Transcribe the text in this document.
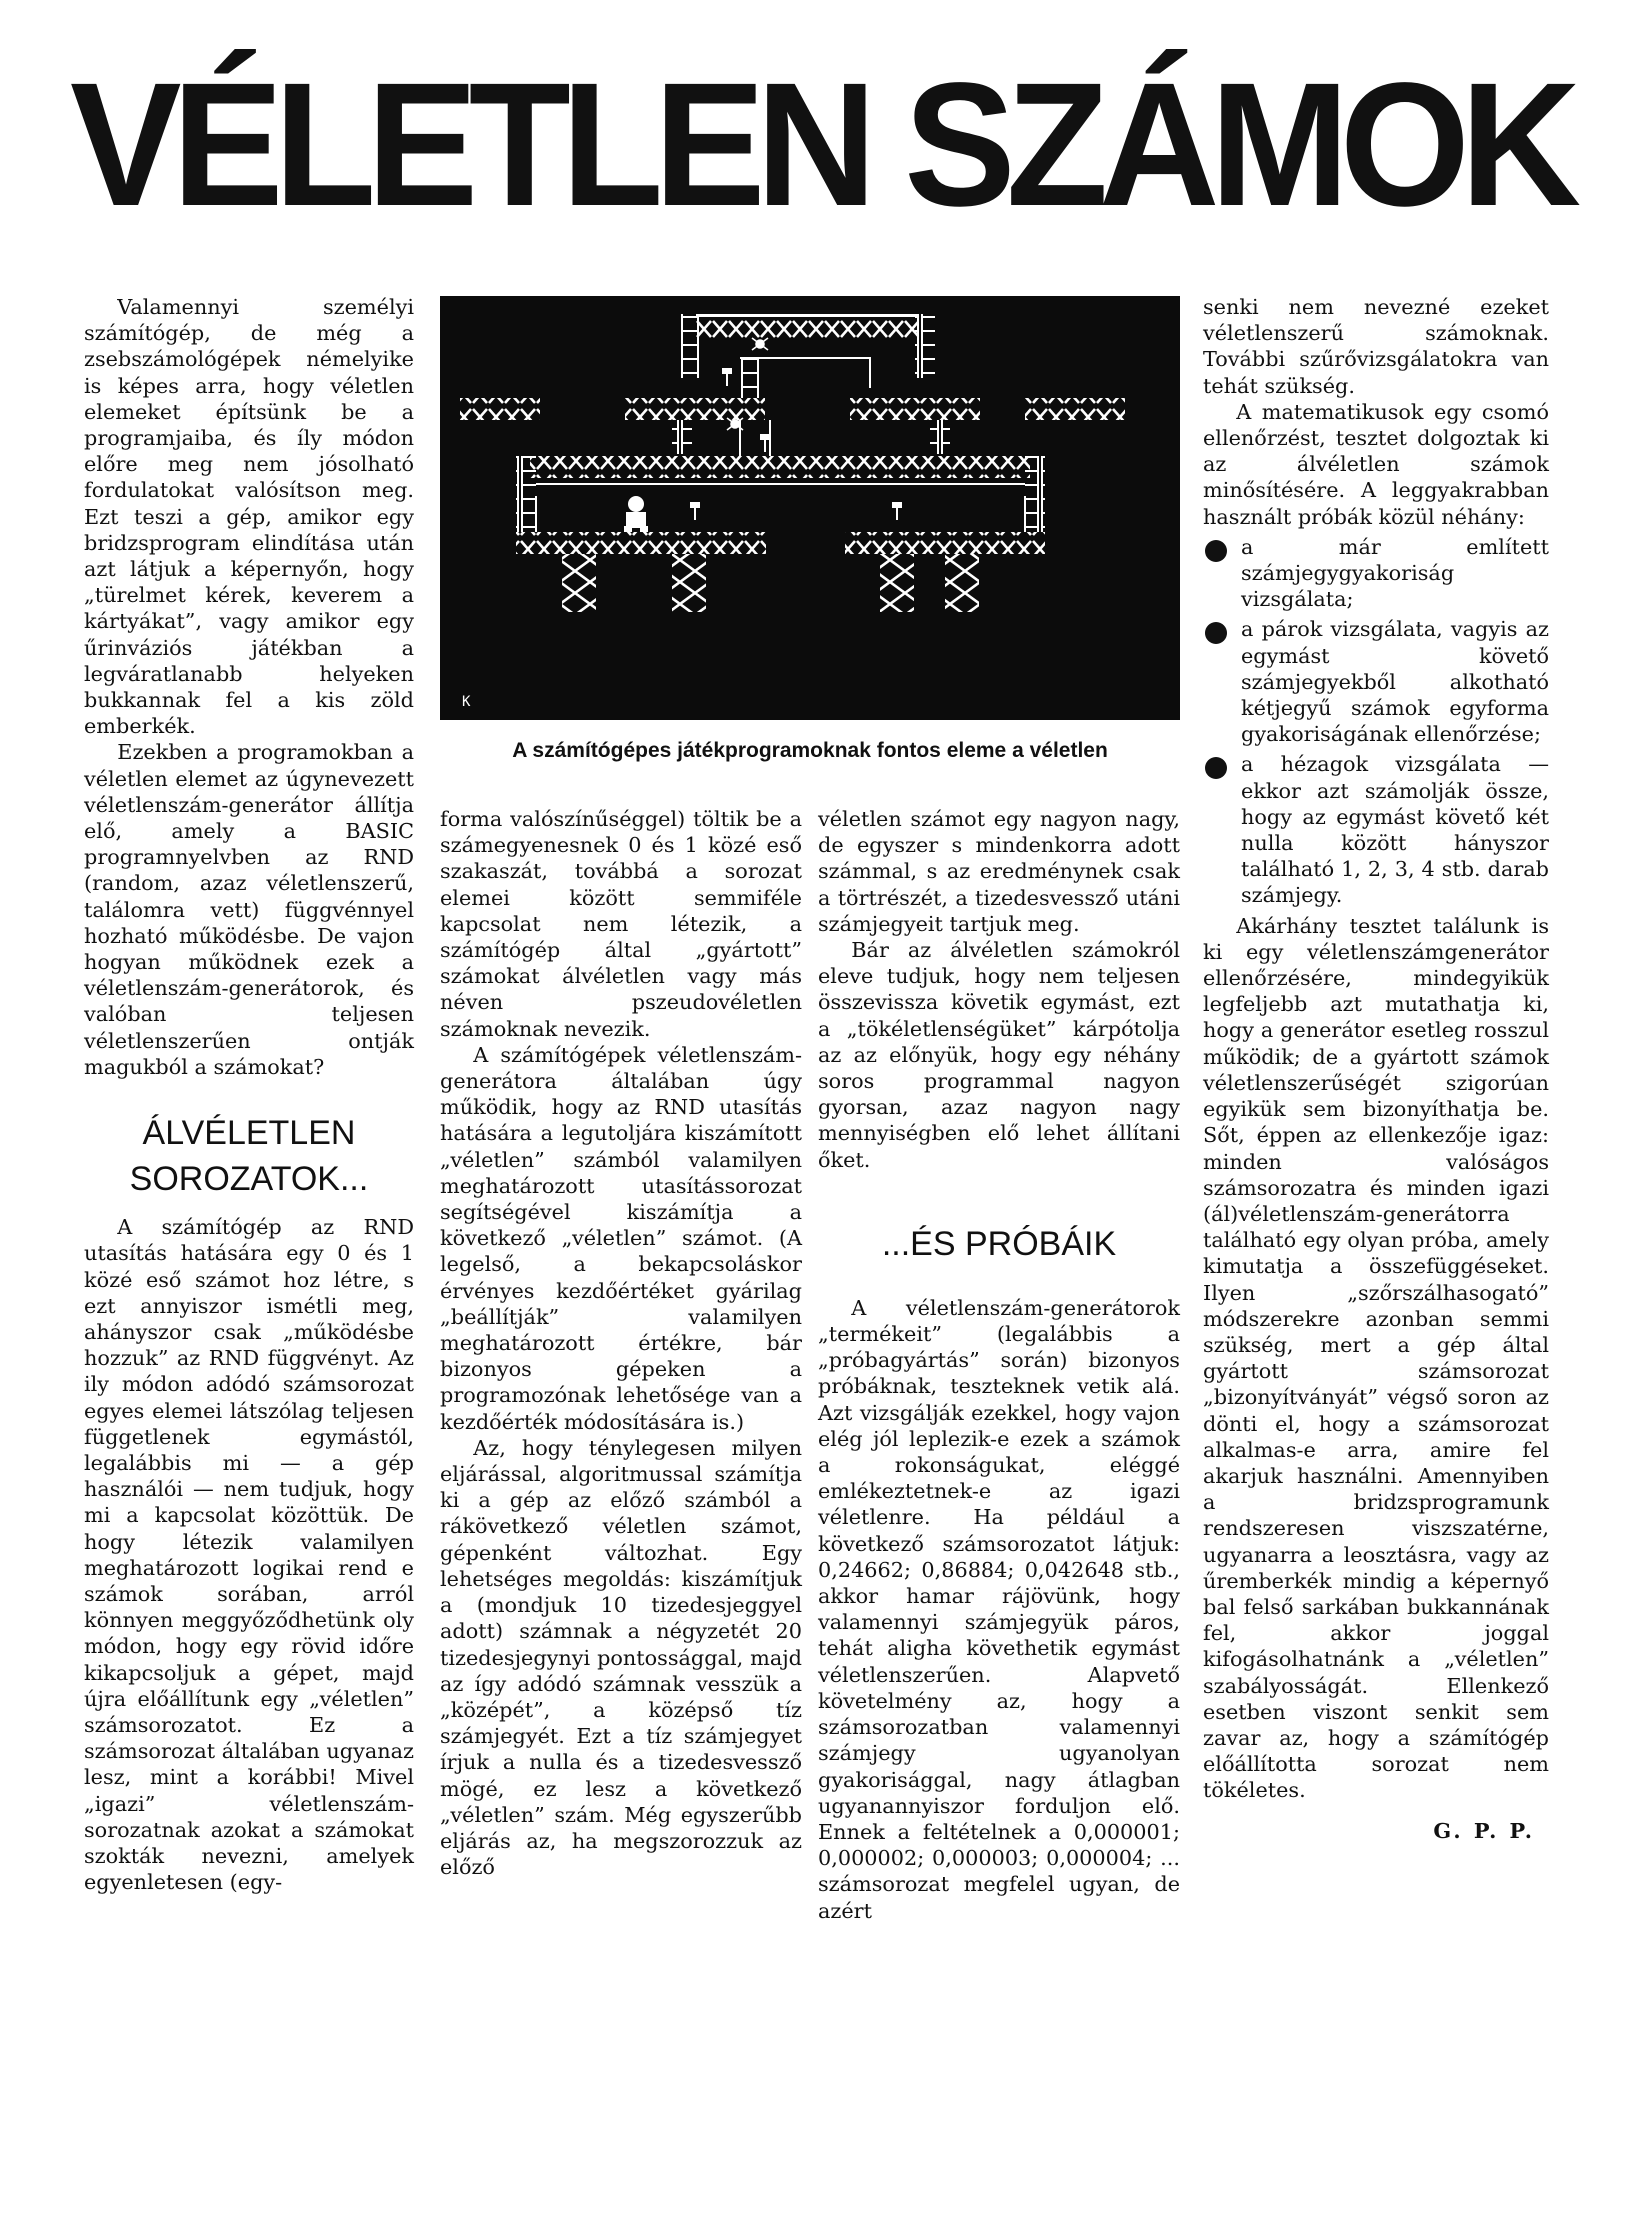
VÉLETLEN SZÁMOK
K

A számítógépes játékprogramoknak fontos eleme a véletlen

Valamennyi személyi számítógép, de még a zsebszámológépek némelyike is képes arra, hogy véletlen elemeket építsünk be a programjaiba, és íly módon előre meg nem jósolható fordulatokat valósítson meg. Ezt teszi a gép, amikor egy bridzsprogram elindítása után azt látjuk a képernyőn, hogy „türelmet kérek, keverem a kártyákat”, vagy amikor egy űrinváziós játékban a legváratlanabb helyeken bukkannak fel a kis zöld emberkék.

Ezekben a programokban a véletlen elemet az úgynevezett véletlenszám-generátor állítja elő, amely a BASIC programnyelvben az RND (random, azaz véletlenszerű, találomra vett) függvénnyel hozható működésbe. De vajon hogyan működnek ezek a véletlenszám-generátorok, és valóban teljesen véletlenszerűen ontják magukból a számokat?

ÁLVÉLETLEN SOROZATOK...

A számítógép az RND utasítás hatására egy 0 és 1 közé eső számot hoz létre, s ezt annyiszor ismétli meg, ahányszor csak „működésbe hozzuk” az RND függvényt. Az ily módon adódó számsorozat egyes elemei látszólag teljesen függetlenek egymástól, legalábbis mi — a gép használói — nem tudjuk, hogy mi a kapcsolat közöttük. De hogy létezik valamilyen meghatározott logikai rend e számok sorában, arról könnyen meggyőződhetünk oly módon, hogy egy rövid időre kikapcsoljuk a gépet, majd újra előállítunk egy „véletlen” számsorozatot. Ez a számsorozat általában ugyanaz lesz, mint a korábbi! Mivel „igazi” véletlenszám-sorozatnak azokat a számokat szokták nevezni, amelyek egyenletesen (egy-

forma valószínűséggel) töltik be a számegyenesnek 0 és 1 közé eső szakaszát, továbbá a sorozat elemei között semmiféle kapcsolat nem létezik, a számítógép által „gyártott” számokat álvéletlen vagy más néven pszeudovéletlen számoknak nevezik.

A számítógépek véletlenszám-generátora általában úgy működik, hogy az RND utasítás hatására a legutoljára kiszámított „véletlen” számból valamilyen meghatározott utasítássorozat segítségével kiszámítja a következő „véletlen” számot. (A legelső, a bekapcsoláskor érvényes kezdőértéket gyárilag „beállítják” valamilyen meghatározott értékre, bár bizonyos gépeken a programozónak lehetősége van a kezdőérték módosítására is.)

Az, hogy ténylegesen milyen eljárással, algoritmussal számítja ki a gép az előző számból a rákövetkező véletlen számot, gépenként változhat. Egy lehetséges megoldás: kiszámítjuk a (mondjuk 10 tizedesjeggyel adott) számnak a négyzetét 20 tizedesjegynyi pontossággal, majd az így adódó számnak vesszük a „középét”, a középső tíz számjegyét. Ezt a tíz számjegyet írjuk a nulla és a tizedesvessző mögé, ez lesz a következő „véletlen” szám. Még egyszerűbb eljárás az, ha megszorozzuk az előző

véletlen számot egy nagyon nagy, de egyszer s mindenkorra adott számmal, s az eredménynek csak a törtrészét, a tizedesvessző utáni számjegyeit tartjuk meg.

Bár az álvéletlen számokról eleve tudjuk, hogy nem teljesen összevissza követik egymást, ezt a „tökéletlenségüket” kárpótolja az az előnyük, hogy egy néhány soros programmal nagyon gyorsan, azaz nagyon nagy mennyiségben elő lehet állítani őket.

...ÉS PRÓBÁIK

A véletlenszám-generátorok „termékeit” (legalábbis a „próbagyártás” során) bizonyos próbáknak, teszteknek vetik alá. Azt vizsgálják ezekkel, hogy vajon elég jól leplezik-e ezek a számok a rokonságukat, eléggé emlékeztetnek-e az igazi véletlenre. Ha például a következő számsorozatot látjuk: 0,24662; 0,86884; 0,042648 stb., akkor hamar rájövünk, hogy valamennyi számjegyük páros, tehát aligha követhetik egymást véletlenszerűen. Alapvető követelmény az, hogy a számsorozatban valamennyi számjegy ugyanolyan gyakorisággal, nagy átlagban ugyanannyiszor forduljon elő. Ennek a feltételnek a 0,000001; 0,000002; 0,000003; 0,000004; ... számsorozat megfelel ugyan, de azért

senki nem nevezné ezeket véletlenszerű számoknak. További szűrővizsgálatokra van tehát szükség.

A matematikusok egy csomó ellenőrzést, tesztet dolgoztak ki az álvéletlen számok minősítésére. A leggyakrabban használt próbák közül néhány:

a már említett számjegygyakoriság vizsgálata;
a párok vizsgálata, vagyis az egymást követő számjegyekből alkotható kétjegyű számok egyforma gyakoriságának ellenőrzése;
a hézagok vizsgálata — ekkor azt számolják össze, hogy az egymást követő két nulla között hányszor található 1, 2, 3, 4 stb. darab számjegy.

Akárhány tesztet találunk is ki egy véletlenszámgenerátor ellenőrzésére, mindegyikük legfeljebb azt mutathatja ki, hogy a generátor esetleg rosszul működik; de a gyártott számok véletlenszerűségét szigorúan egyikük sem bizonyíthatja be. Sőt, éppen az ellenkezője igaz: minden valóságos számsorozatra és minden igazi (ál)véletlenszám-generátorra található egy olyan próba, amely kimutatja a összefüggéseket. Ilyen „szőrszálhasogató” módszerekre azonban semmi szükség, mert a gép által gyártott számsorozat „bizonyítványát” végső soron az dönti el, hogy a számsorozat alkalmas-e arra, amire fel akarjuk használni. Amennyiben a bridzsprogramunk rendszeresen viszszatérne, ugyanarra a leosztásra, vagy az űremberkék mindig a képernyő bal felső sarkában bukkannának fel, akkor joggal kifogásolhatnánk a „véletlen” szabályosságát. Ellenkező esetben viszont senkit sem zavar az, hogy a számítógép előállította sorozat nem tökéletes.

G. P. P.
